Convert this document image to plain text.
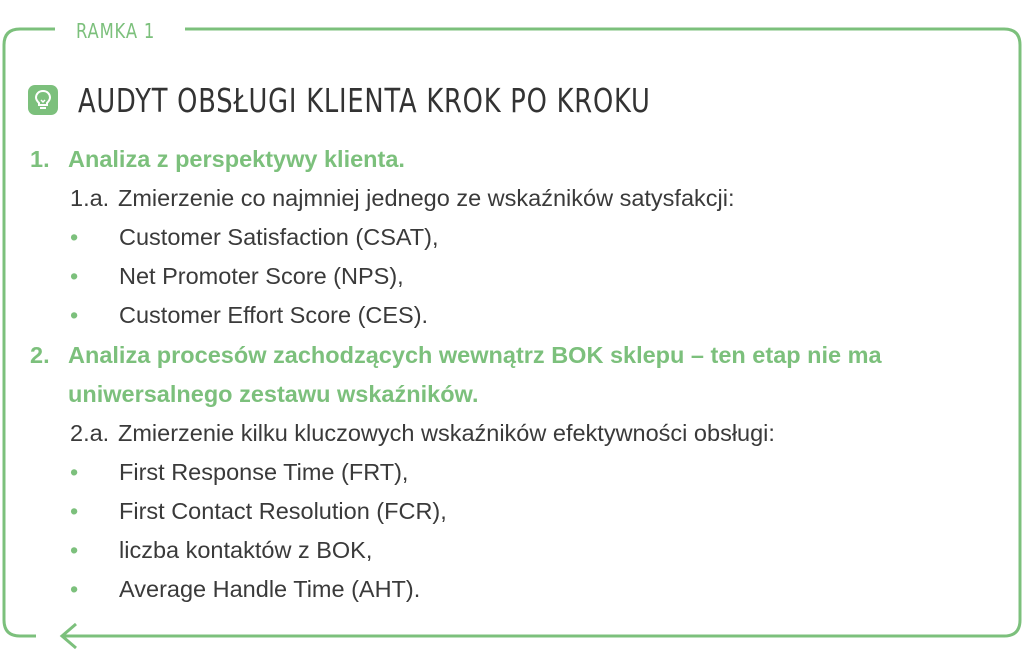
RAMKA 1
AUDYT OBSŁUGI KLIENTA KROK PO KROKU
1. Analiza z perspektywy klienta.
1.a. Zmierzenie co najmniej jednego ze wskaźników satysfakcji:
• Customer Satisfaction (CSAT),
• Net Promoter Score (NPS),
• Customer Effort Score (CES).
2. Analiza procesów zachodzących wewnątrz BOK sklepu – ten etap nie ma
uniwersalnego zestawu wskaźników.
2.a. Zmierzenie kilku kluczowych wskaźników efektywności obsługi:
• First Response Time (FRT),
• First Contact Resolution (FCR),
• liczba kontaktów z BOK,
• Average Handle Time (AHT).
